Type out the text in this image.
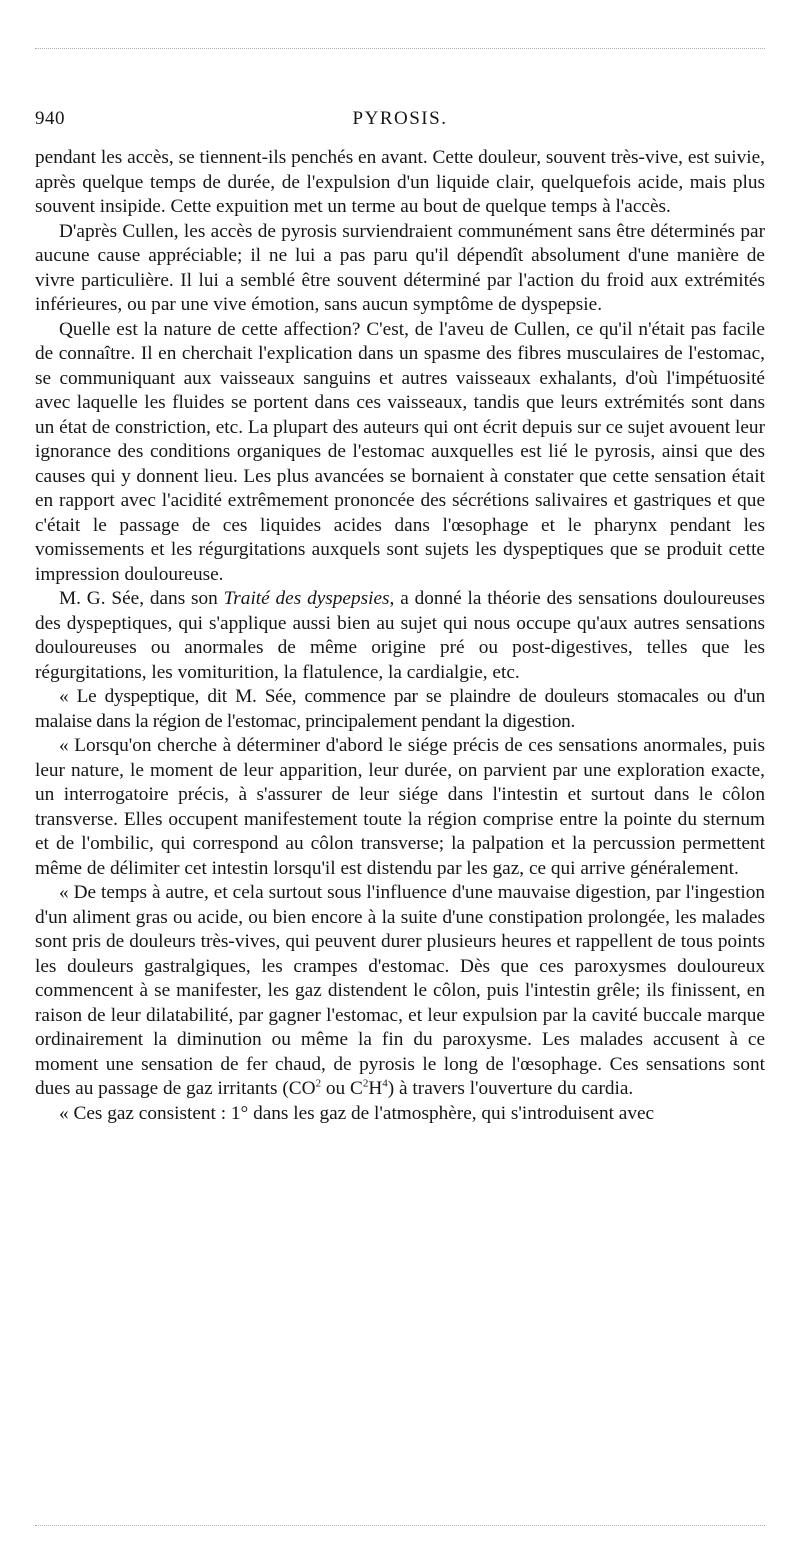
940	PYROSIS.

pendant les accès, se tiennent-ils penchés en avant. Cette douleur, souvent très-vive, est suivie, après quelque temps de durée, de l'expulsion d'un liquide clair, quelquefois acide, mais plus souvent insipide. Cette expuition met un terme au bout de quelque temps à l'accès.

D'après Cullen, les accès de pyrosis surviendraient communément sans être déterminés par aucune cause appréciable; il ne lui a pas paru qu'il dépendît absolument d'une manière de vivre particulière. Il lui a semblé être souvent déterminé par l'action du froid aux extrémités inférieures, ou par une vive émotion, sans aucun symptôme de dyspepsie.

Quelle est la nature de cette affection? C'est, de l'aveu de Cullen, ce qu'il n'était pas facile de connaître. Il en cherchait l'explication dans un spasme des fibres musculaires de l'estomac, se communiquant aux vaisseaux sanguins et autres vaisseaux exhalants, d'où l'impétuosité avec laquelle les fluides se portent dans ces vaisseaux, tandis que leurs extrémités sont dans un état de constriction, etc. La plupart des auteurs qui ont écrit depuis sur ce sujet avouent leur ignorance des conditions organiques de l'estomac auxquelles est lié le pyrosis, ainsi que des causes qui y donnent lieu. Les plus avancées se bornaient à constater que cette sensation était en rapport avec l'acidité extrêmement prononcée des sécrétions salivaires et gastriques et que c'était le passage de ces liquides acides dans l'œsophage et le pharynx pendant les vomissements et les régurgitations auxquels sont sujets les dyspeptiques que se produit cette impression douloureuse.

M. G. Sée, dans son Traité des dyspepsies, a donné la théorie des sensations douloureuses des dyspeptiques, qui s'applique aussi bien au sujet qui nous occupe qu'aux autres sensations douloureuses ou anormales de même origine pré ou post-digestives, telles que les régurgitations, les vomiturition, la flatulence, la cardialgie, etc.

« Le dyspeptique, dit M. Sée, commence par se plaindre de douleurs stomacales ou d'un malaise dans la région de l'estomac, principalement pendant la digestion.

« Lorsqu'on cherche à déterminer d'abord le siége précis de ces sensations anormales, puis leur nature, le moment de leur apparition, leur durée, on parvient par une exploration exacte, un interrogatoire précis, à s'assurer de leur siége dans l'intestin et surtout dans le côlon transverse. Elles occupent manifestement toute la région comprise entre la pointe du sternum et de l'ombilic, qui correspond au côlon transverse; la palpation et la percussion permettent même de délimiter cet intestin lorsqu'il est distendu par les gaz, ce qui arrive généralement.

« De temps à autre, et cela surtout sous l'influence d'une mauvaise digestion, par l'ingestion d'un aliment gras ou acide, ou bien encore à la suite d'une constipation prolongée, les malades sont pris de douleurs très-vives, qui peuvent durer plusieurs heures et rappellent de tous points les douleurs gastralgiques, les crampes d'estomac. Dès que ces paroxysmes douloureux commencent à se manifester, les gaz distendent le côlon, puis l'intestin grêle; ils finissent, en raison de leur dilatabilité, par gagner l'estomac, et leur expulsion par la cavité buccale marque ordinairement la diminution ou même la fin du paroxysme. Les malades accusent à ce moment une sensation de fer chaud, de pyrosis le long de l'œsophage. Ces sensations sont dues au passage de gaz irritants ($CO^2$ ou $C^2H^4$) à travers l'ouverture du cardia.

« Ces gaz consistent : 1° dans les gaz de l'atmosphère, qui s'introduisent avec
